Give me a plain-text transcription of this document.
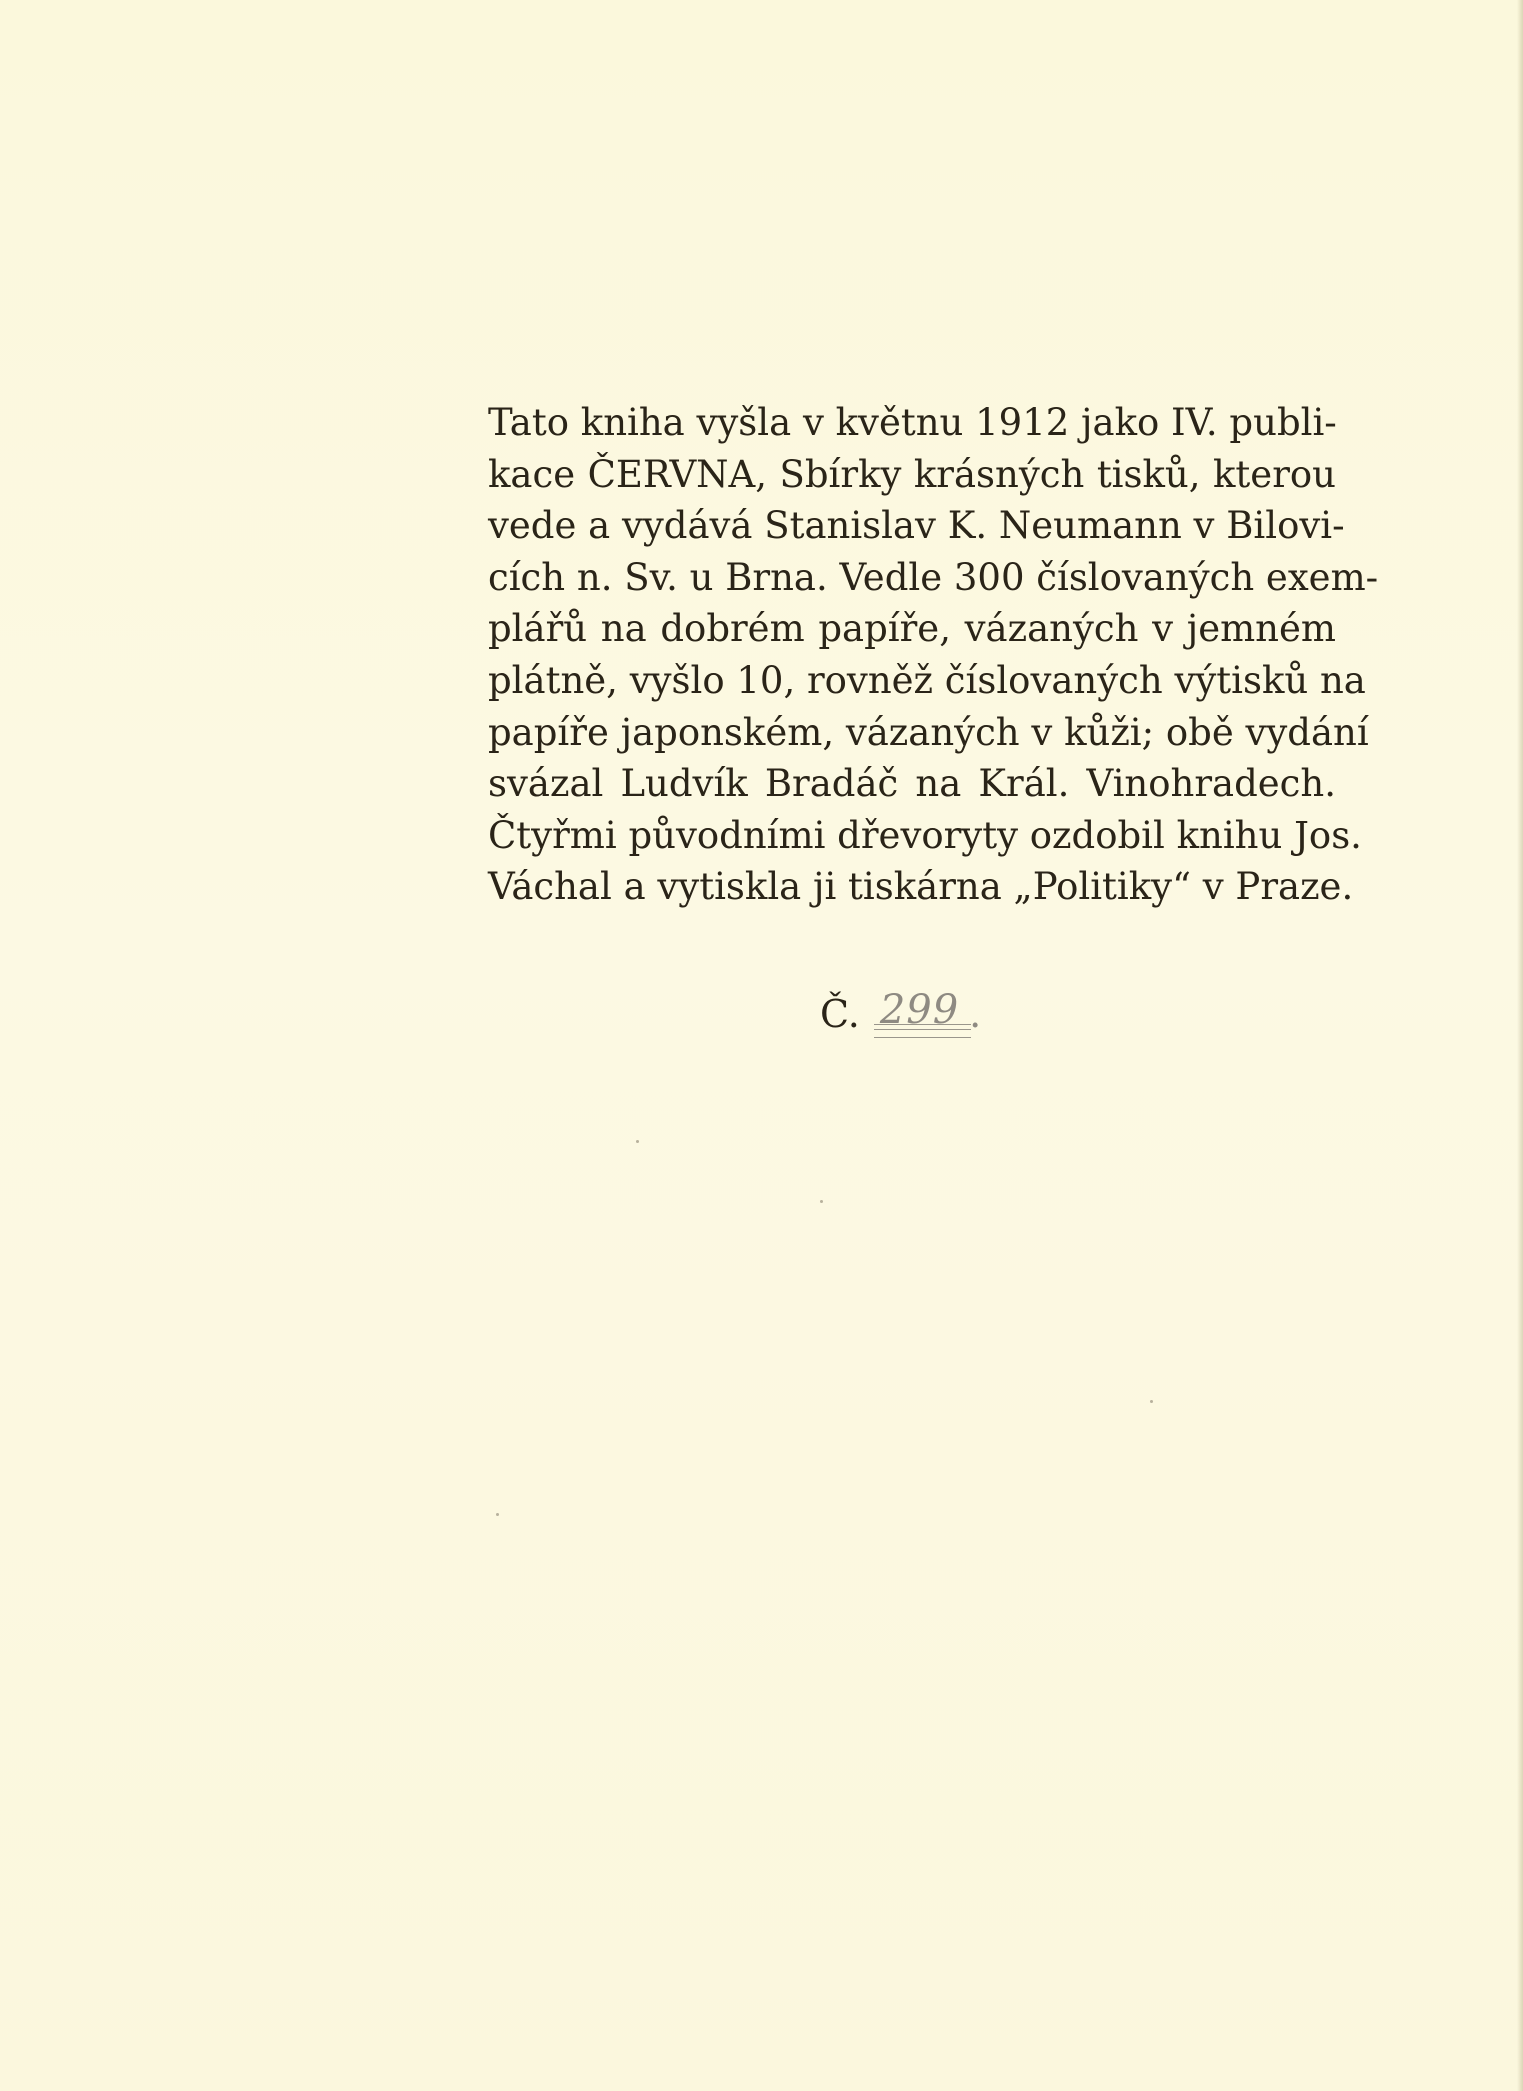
Tato kniha vyšla v květnu 1912 jako IV. publi-
kace ČERVNA, Sbírky krásných tisků, kterou
vede a vydává Stanislav K. Neumann v Bilovi-
cích n. Sv. u Brna. Vedle 300 číslovaných exem-
plářů na dobrém papíře, vázaných v jemném
plátně, vyšlo 10, rovněž číslovaných výtisků na
papíře japonském, vázaných v kůži; obě vydání
svázal Ludvík Bradáč na Král. Vinohradech.
Čtyřmi původními dřevoryty ozdobil knihu Jos.
Váchal a vytiskla ji tiskárna „Politiky“ v Praze.
Č. 299 .
